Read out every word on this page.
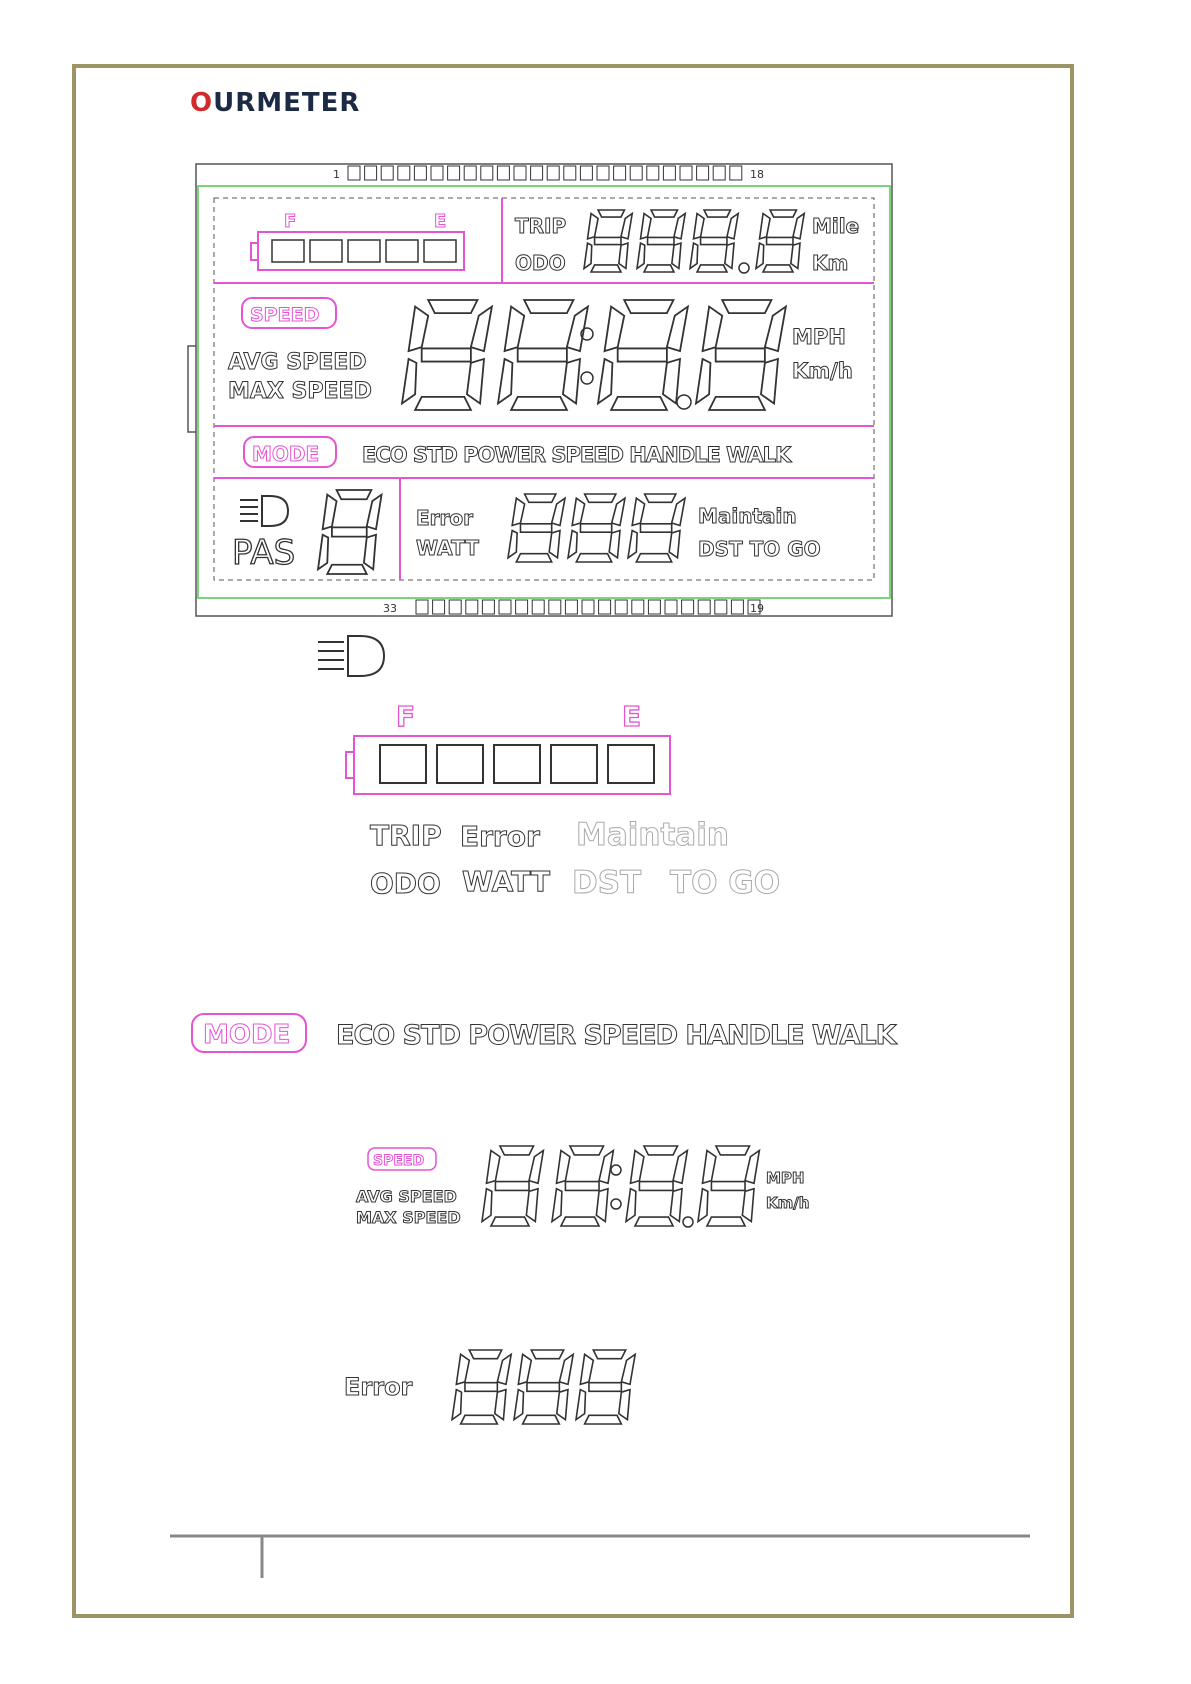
OURMETER
1	18
33	19
F	E	TRIP
ODO
Mile
Km
SPEED
AVG SPEED
MAX SPEED
MPH
Km/h
MODE ECO STD POWER SPEED HANDLE WALK
PAS
Error
WATT
Maintain
DST TO GO
F	E
TRIP Error Maintain
ODO WATT DST TO GO
MODE ECO STD POWER SPEED HANDLE WALK
SPEED
AVG SPEED
MAX SPEED
MPH
Km/h
Error
